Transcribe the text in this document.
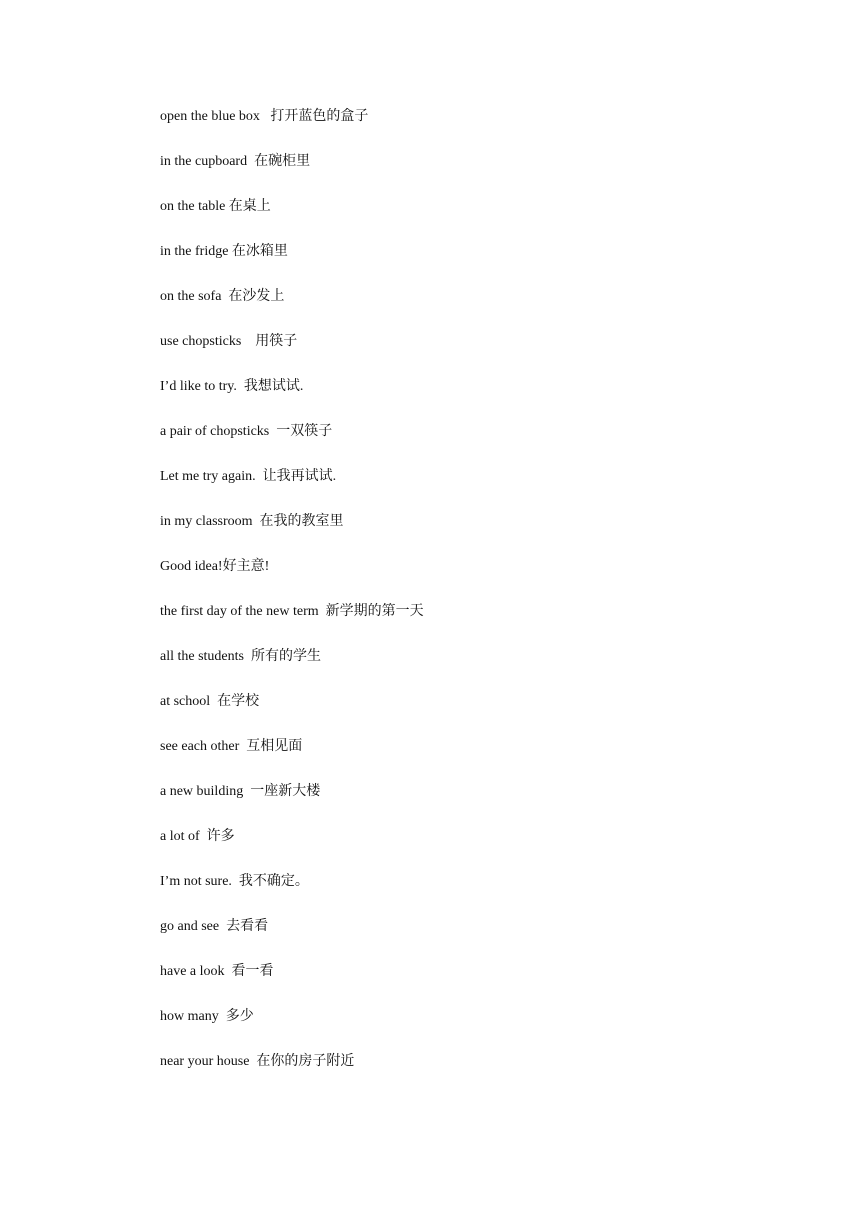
open the blue box   打开蓝色的盒子
in the cupboard  在碗柜里
on the table 在桌上
in the fridge 在冰箱里
on the sofa  在沙发上
use chopsticks    用筷子
I’d like to try.  我想试试.
a pair of chopsticks  一双筷子
Let me try again.  让我再试试.
in my classroom  在我的教室里
Good idea!好主意!
the first day of the new term  新学期的第一天
all the students  所有的学生
at school  在学校
see each other  互相见面
a new building  一座新大楼
a lot of  许多
I’m not sure.  我不确定。
go and see  去看看
have a look  看一看
how many  多少
near your house  在你的房子附近
